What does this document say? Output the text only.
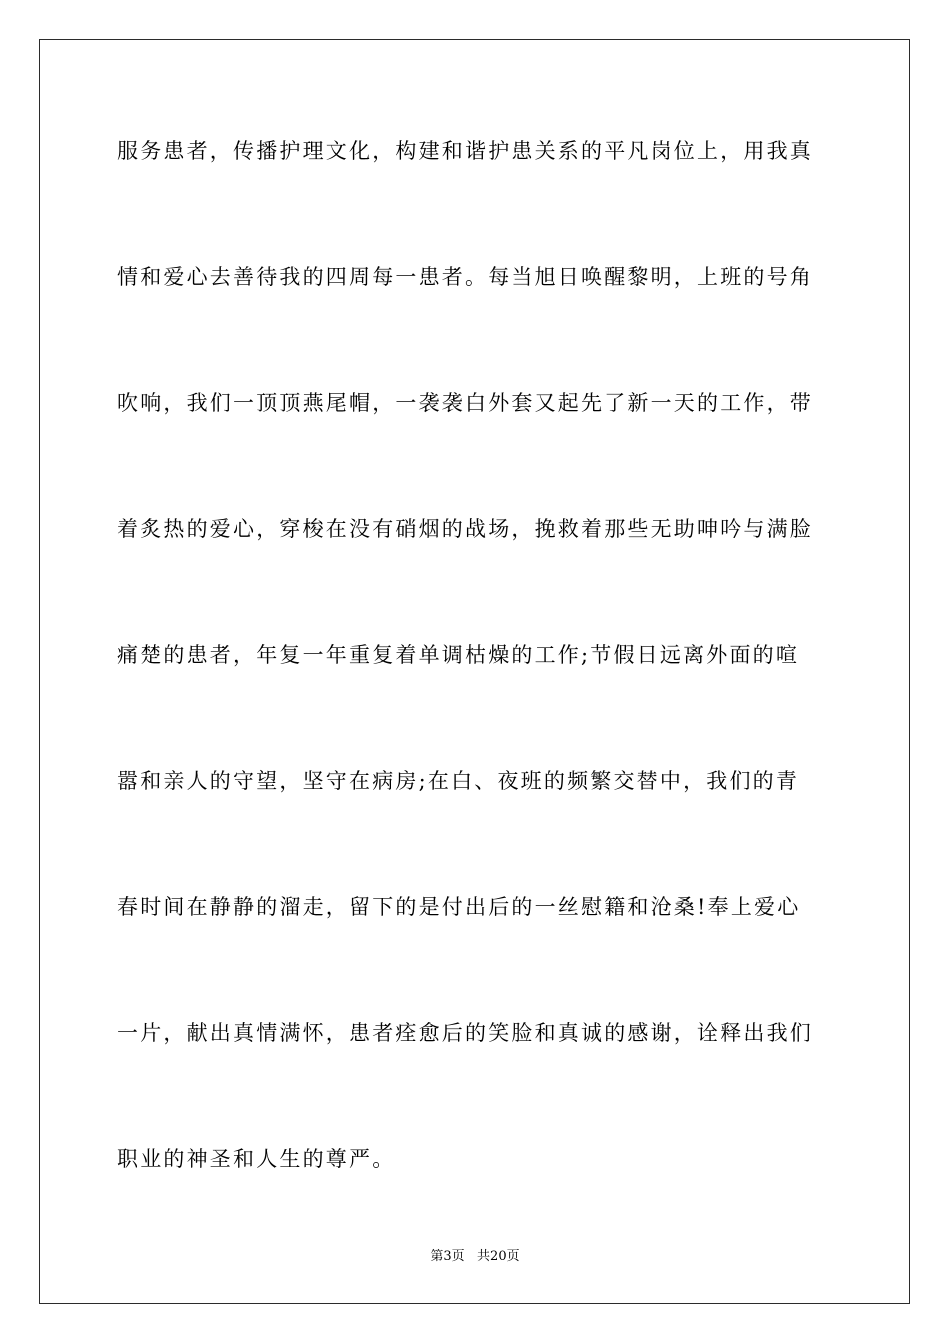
服务患者，传播护理文化，构建和谐护患关系的平凡岗位上，用我真
情和爱心去善待我的四周每一患者。每当旭日唤醒黎明，上班的号角
吹响，我们一顶顶燕尾帽，一袭袭白外套又起先了新一天的工作，带
着炙热的爱心，穿梭在没有硝烟的战场，挽救着那些无助呻吟与满脸
痛楚的患者，年复一年重复着单调枯燥的工作;节假日远离外面的喧
嚣和亲人的守望，坚守在病房;在白、夜班的频繁交替中，我们的青
春时间在静静的溜走，留下的是付出后的一丝慰籍和沧桑!奉上爱心
一片，献出真情满怀，患者痊愈后的笑脸和真诚的感谢，诠释出我们
职业的神圣和人生的尊严。
第3页   共20页
